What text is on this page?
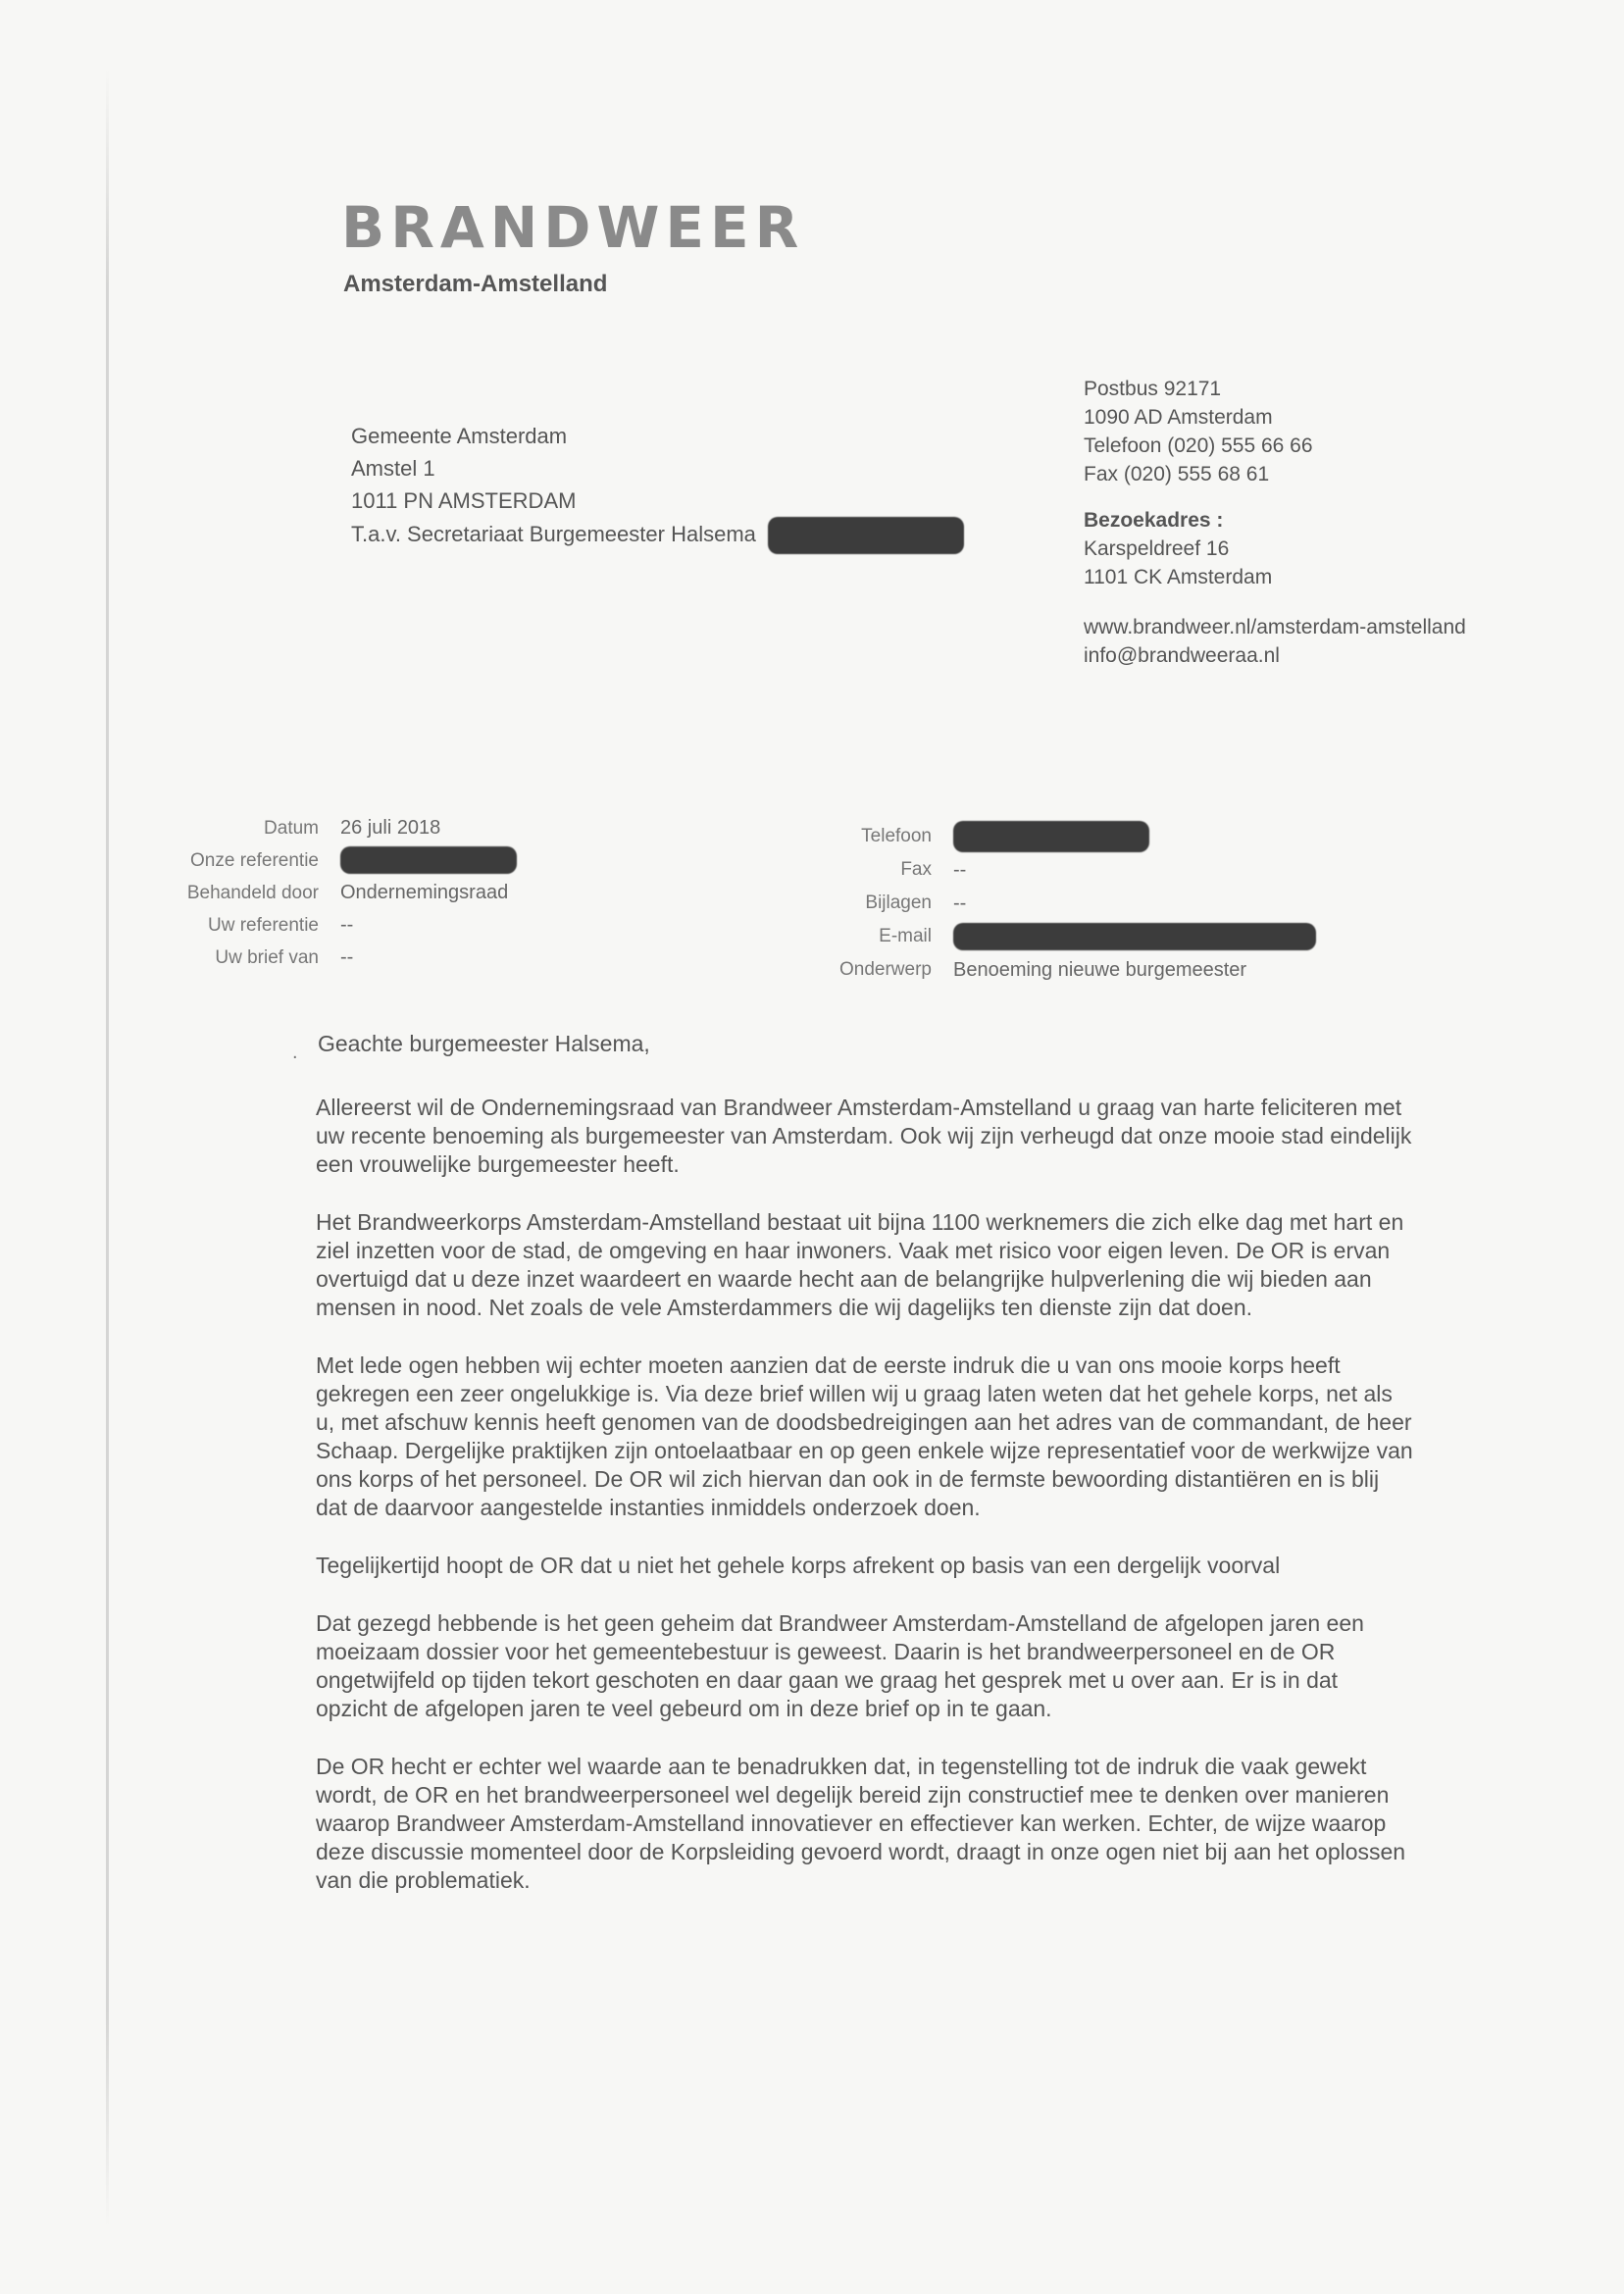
BRANDWEER
Amsterdam-Amstelland
Gemeente Amsterdam
Amstel 1
1011 PN AMSTERDAM
T.a.v. Secretariaat Burgemeester Halsema
Postbus 92171
1090 AD Amsterdam
Telefoon (020) 555 66 66
Fax (020) 555 68 61
Bezoekadres :
Karspeldreef 16
1101 CK Amsterdam
www.brandweer.nl/amsterdam-amstelland
info@brandweeraa.nl
Datum	26 juli 2018
Onze referentie
Behandeld door	Ondernemingsraad
Uw referentie	--
Uw brief van	--
Telefoon
Fax	--
Bijlagen	--
E-mail
Onderwerp	Benoeming nieuwe burgemeester
. Geachte burgemeester Halsema,

Allereerst wil de Ondernemingsraad van Brandweer Amsterdam-Amstelland u graag van harte feliciteren met uw recente benoeming als burgemeester van Amsterdam. Ook wij zijn verheugd dat onze mooie stad eindelijk een vrouwelijke burgemeester heeft.

Het Brandweerkorps Amsterdam-Amstelland bestaat uit bijna 1100 werknemers die zich elke dag met hart en ziel inzetten voor de stad, de omgeving en haar inwoners. Vaak met risico voor eigen leven. De OR is ervan overtuigd dat u deze inzet waardeert en waarde hecht aan de belangrijke hulpverlening die wij bieden aan mensen in nood. Net zoals de vele Amsterdammers die wij dagelijks ten dienste zijn dat doen.

Met lede ogen hebben wij echter moeten aanzien dat de eerste indruk die u van ons mooie korps heeft gekregen een zeer ongelukkige is. Via deze brief willen wij u graag laten weten dat het gehele korps, net als u, met afschuw kennis heeft genomen van de doodsbedreigingen aan het adres van de commandant, de heer Schaap. Dergelijke praktijken zijn ontoelaatbaar en op geen enkele wijze representatief voor de werkwijze van ons korps of het personeel. De OR wil zich hiervan dan ook in de fermste bewoording distantiëren en is blij dat de daarvoor aangestelde instanties inmiddels onderzoek doen.

Tegelijkertijd hoopt de OR dat u niet het gehele korps afrekent op basis van een dergelijk voorval

Dat gezegd hebbende is het geen geheim dat Brandweer Amsterdam-Amstelland de afgelopen jaren een moeizaam dossier voor het gemeentebestuur is geweest. Daarin is het brandweerpersoneel en de OR ongetwijfeld op tijden tekort geschoten en daar gaan we graag het gesprek met u over aan. Er is in dat opzicht de afgelopen jaren te veel gebeurd om in deze brief op in te gaan.

De OR hecht er echter wel waarde aan te benadrukken dat, in tegenstelling tot de indruk die vaak gewekt wordt, de OR en het brandweerpersoneel wel degelijk bereid zijn constructief mee te denken over manieren waarop Brandweer Amsterdam-Amstelland innovatiever en effectiever kan werken. Echter, de wijze waarop deze discussie momenteel door de Korpsleiding gevoerd wordt, draagt in onze ogen niet bij aan het oplossen van die problematiek.
